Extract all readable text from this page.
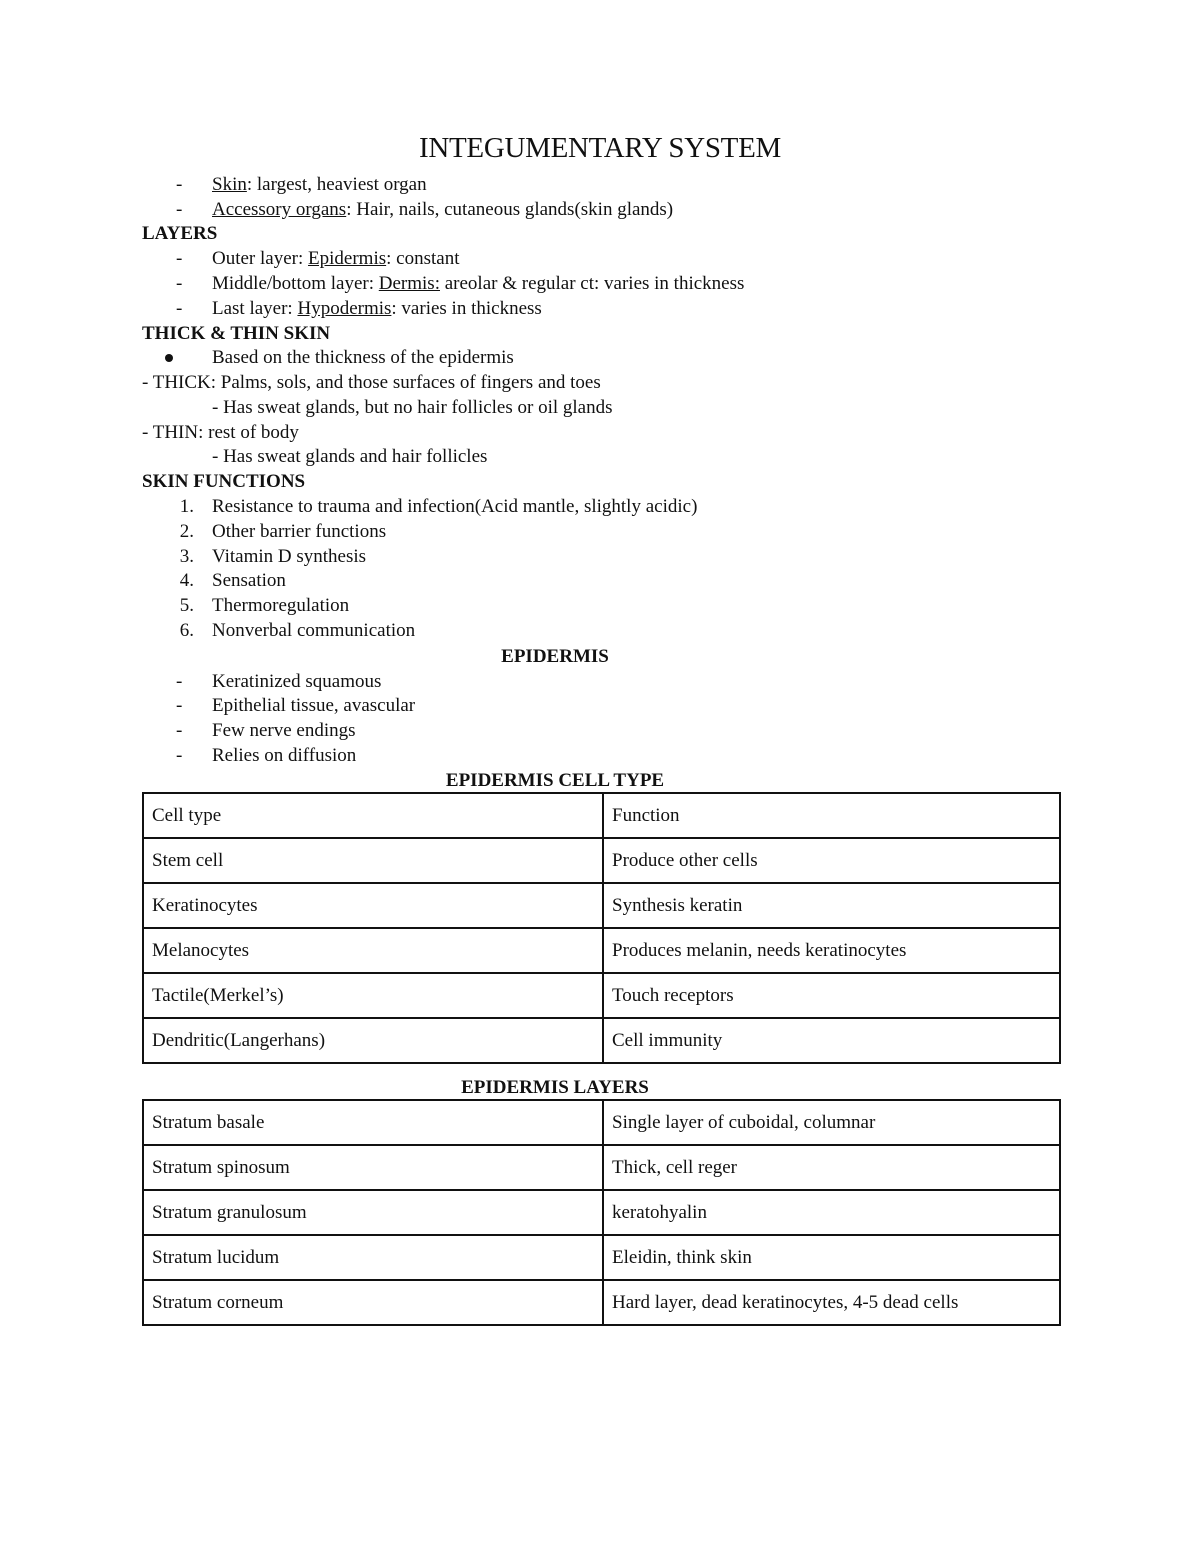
INTEGUMENTARY SYSTEM
- Skin: largest, heaviest organ
- Accessory organs: Hair, nails, cutaneous glands(skin glands)
LAYERS
- Outer layer: Epidermis: constant
- Middle/bottom layer: Dermis: areolar & regular ct: varies in thickness
- Last layer: Hypodermis: varies in thickness
THICK & THIN SKIN
Based on the thickness of the epidermis
- THICK: Palms, sols, and those surfaces of fingers and toes
- Has sweat glands, but no hair follicles or oil glands
- THIN: rest of body
- Has sweat glands and hair follicles
SKIN FUNCTIONS
1. Resistance to trauma and infection(Acid mantle, slightly acidic)
2. Other barrier functions
3. Vitamin D synthesis
4. Sensation
5. Thermoregulation
6. Nonverbal communication
EPIDERMIS
- Keratinized squamous
- Epithelial tissue, avascular
- Few nerve endings
- Relies on diffusion
EPIDERMIS CELL TYPE
Cell type	Function
Stem cell	Produce other cells
Keratinocytes	Synthesis keratin
Melanocytes	Produces melanin, needs keratinocytes
Tactile(Merkel’s)	Touch receptors
Dendritic(Langerhans)	Cell immunity
EPIDERMIS LAYERS
Stratum basale	Single layer of cuboidal, columnar
Stratum spinosum	Thick, cell reger
Stratum granulosum	keratohyalin
Stratum lucidum	Eleidin, think skin
Stratum corneum	Hard layer, dead keratinocytes, 4-5 dead cells
